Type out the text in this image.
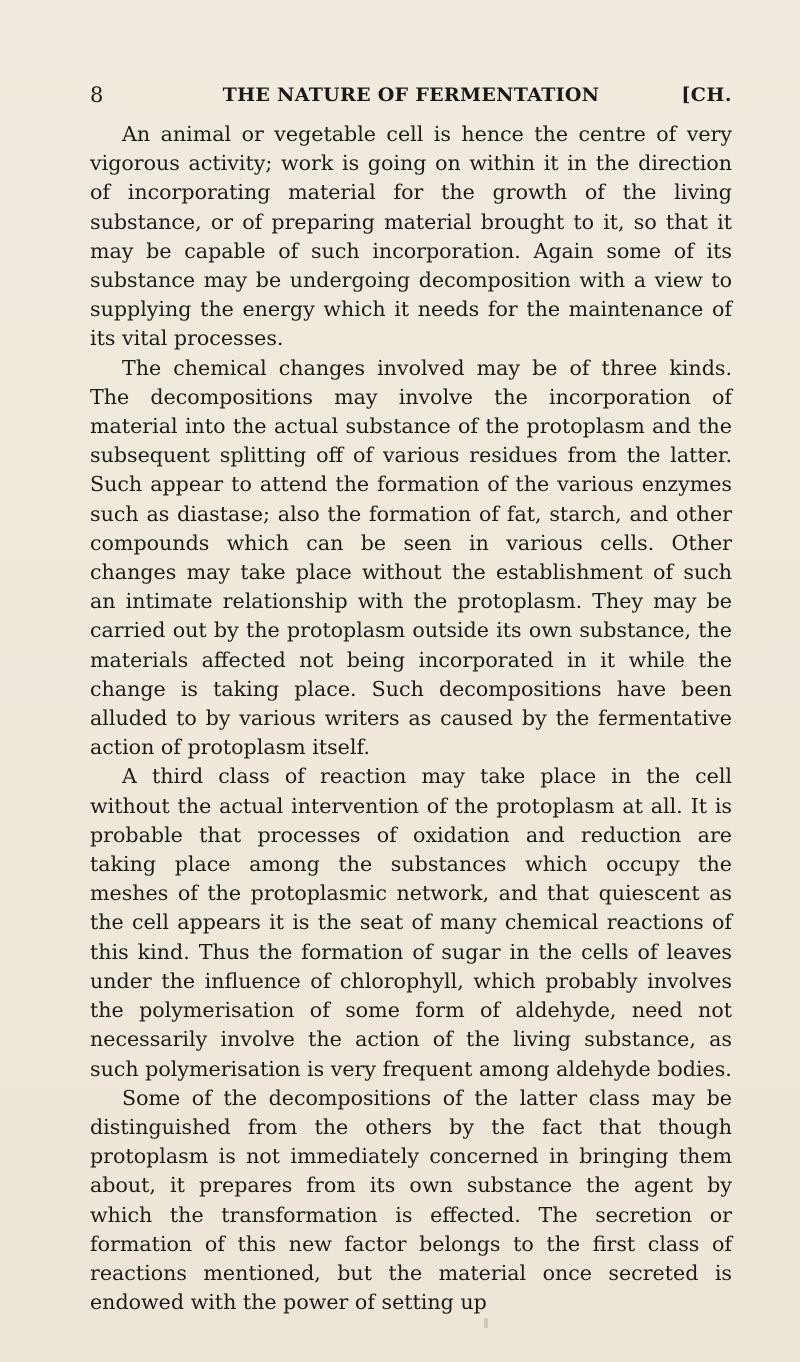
8	THE NATURE OF FERMENTATION	[CH.

An animal or vegetable cell is hence the centre of very vigorous activity; work is going on within it in the direction of incorporating material for the growth of the living substance, or of preparing material brought to it, so that it may be capable of such incorporation. Again some of its substance may be undergoing decomposition with a view to supplying the energy which it needs for the maintenance of its vital processes.

The chemical changes involved may be of three kinds. The decompositions may involve the incorporation of material into the actual substance of the protoplasm and the subsequent splitting off of various residues from the latter. Such appear to attend the formation of the various enzymes such as diastase; also the formation of fat, starch, and other compounds which can be seen in various cells. Other changes may take place without the establishment of such an intimate relationship with the protoplasm. They may be carried out by the protoplasm outside its own substance, the materials affected not being incorporated in it while the change is taking place. Such decompositions have been alluded to by various writers as caused by the fermentative action of protoplasm itself.

A third class of reaction may take place in the cell without the actual intervention of the protoplasm at all. It is probable that processes of oxidation and reduction are taking place among the substances which occupy the meshes of the protoplasmic network, and that quiescent as the cell appears it is the seat of many chemical reactions of this kind. Thus the formation of sugar in the cells of leaves under the influence of chlorophyll, which probably involves the polymerisation of some form of aldehyde, need not necessarily involve the action of the living substance, as such polymerisation is very frequent among aldehyde bodies.

Some of the decompositions of the latter class may be distinguished from the others by the fact that though protoplasm is not immediately concerned in bringing them about, it prepares from its own substance the agent by which the transformation is effected. The secretion or formation of this new factor belongs to the first class of reactions mentioned, but the material once secreted is endowed with the power of setting up
